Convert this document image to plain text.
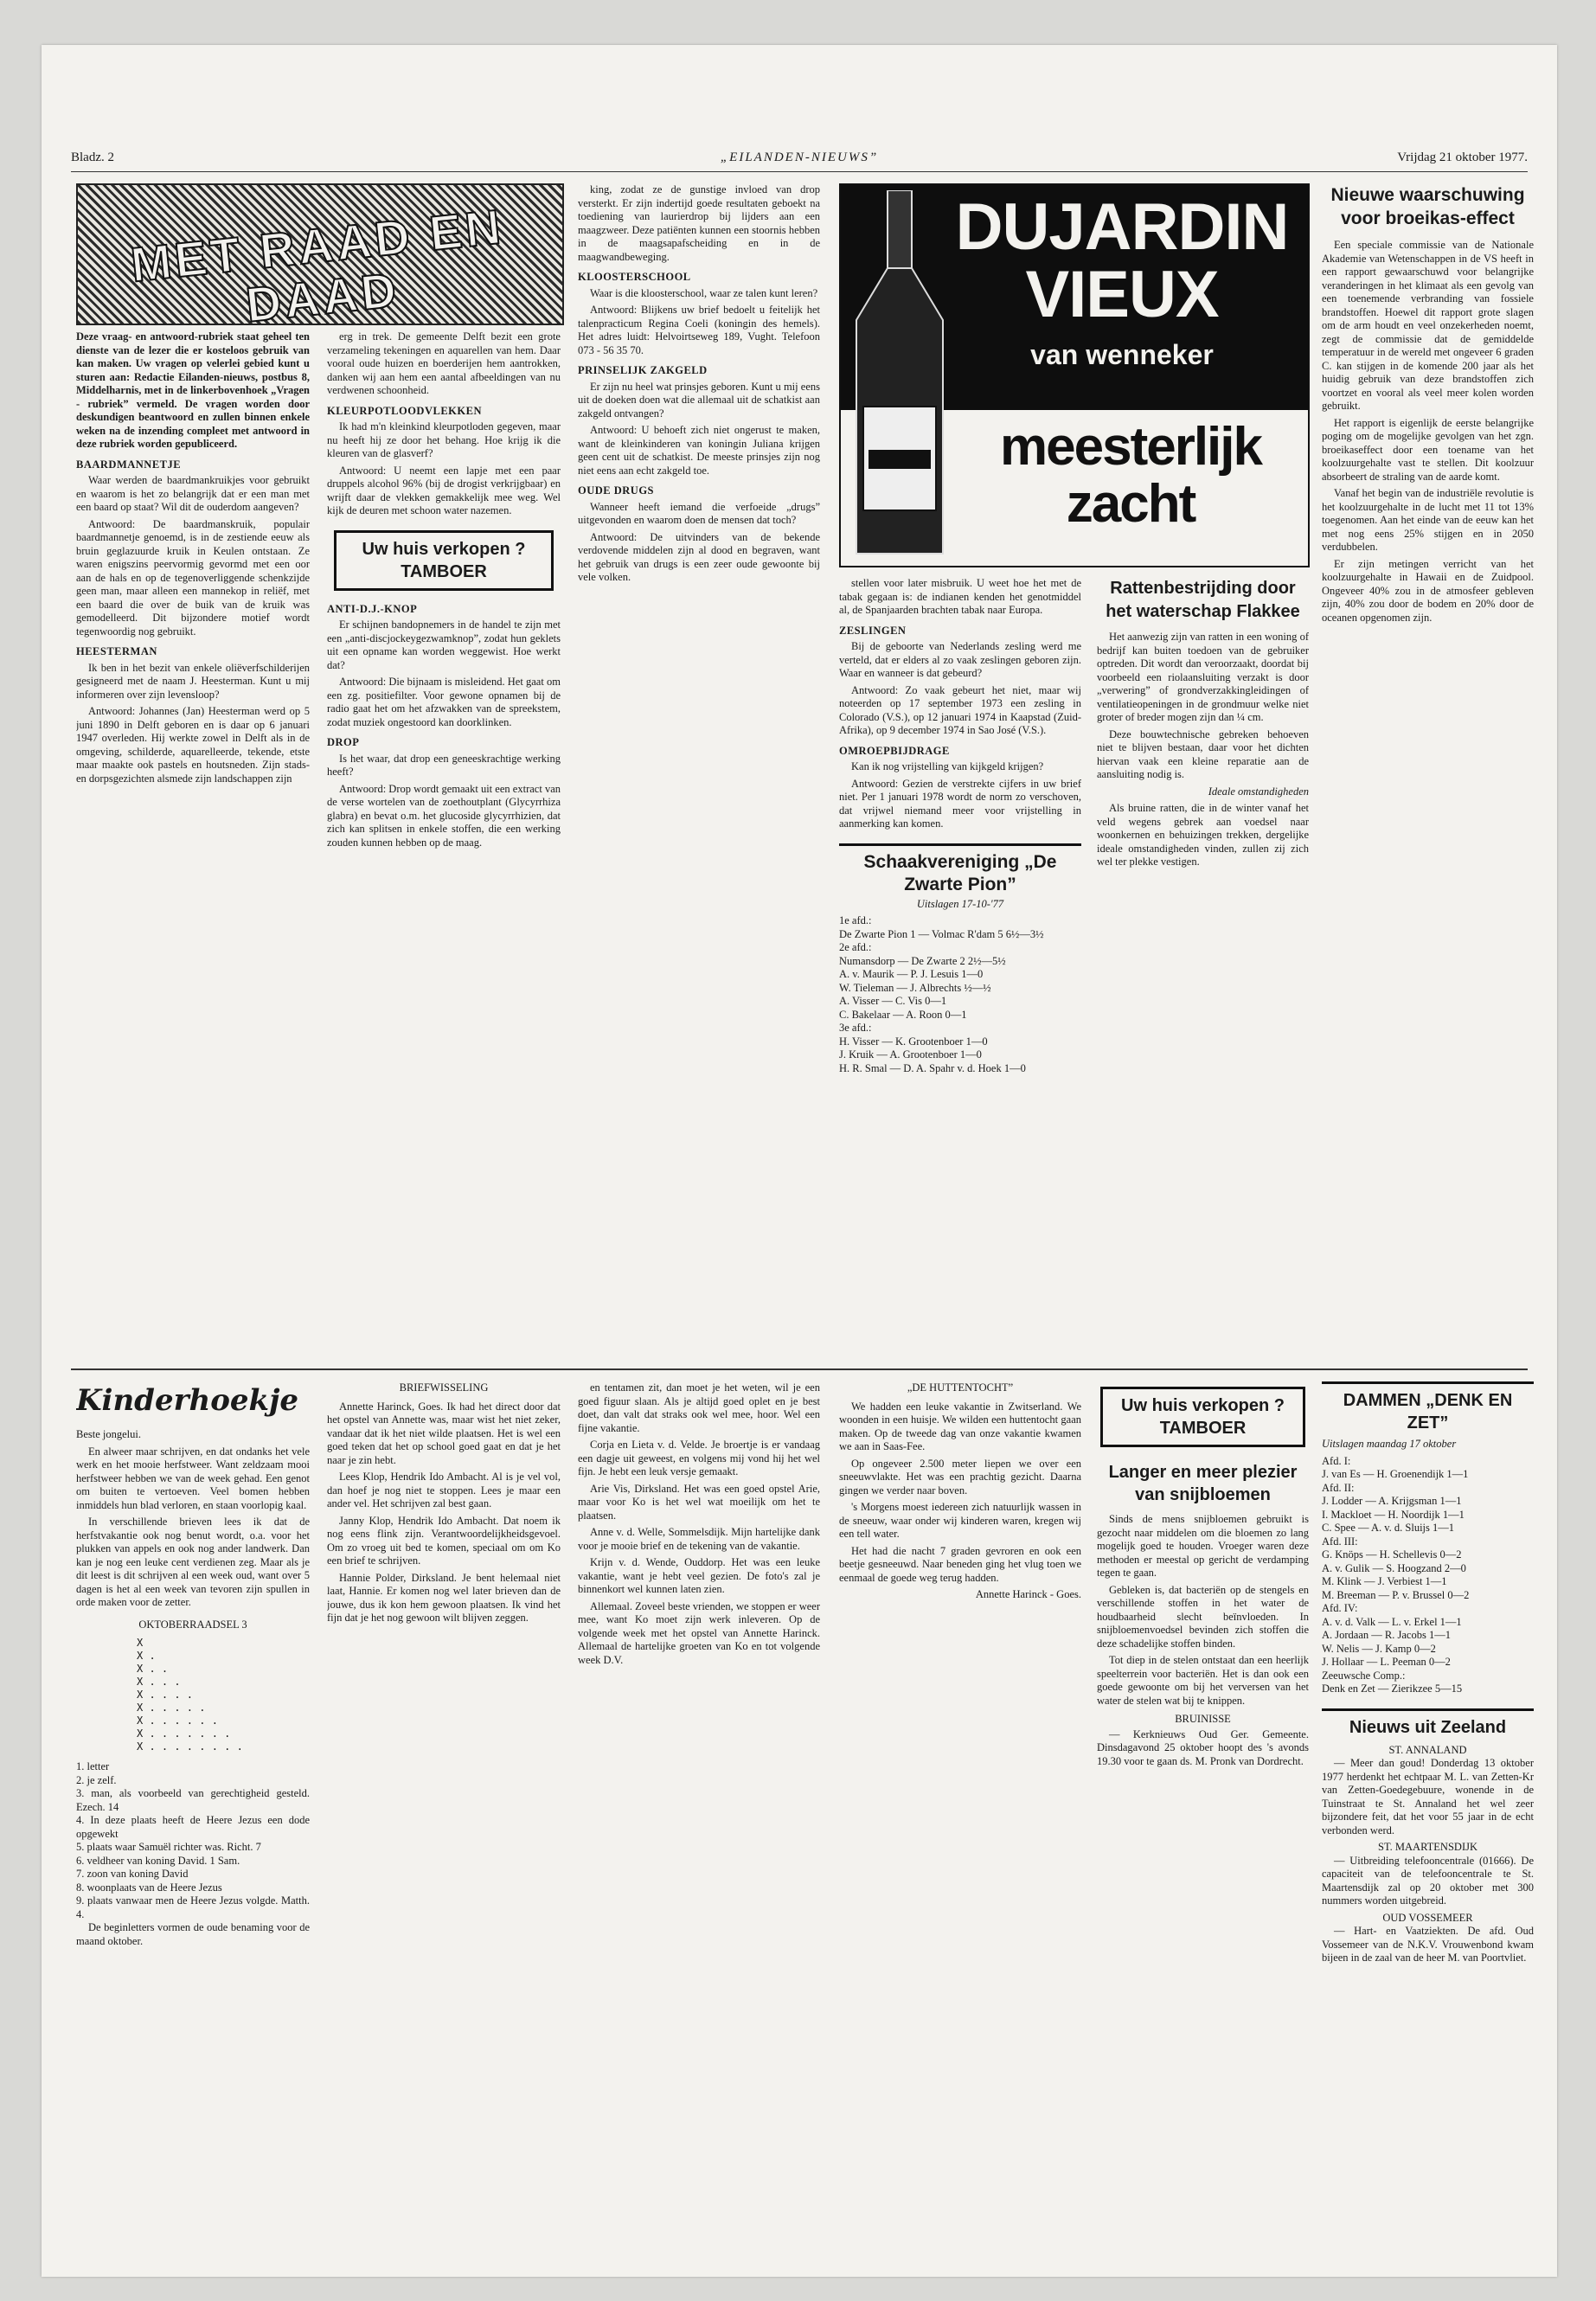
Bladz. 2	„EILANDEN-NIEUWS”	Vrijdag 21 oktober 1977.
MET RAAD EN DAAD

Deze vraag- en antwoord-rubriek staat geheel ten dienste van de lezer die er kosteloos gebruik van kan maken. Uw vragen op velerlei gebied kunt u sturen aan: Redactie Eilanden-nieuws, postbus 8, Middelharnis, met in de linkerbovenhoek „Vragen - rubriek” vermeld. De vragen worden door deskundigen beantwoord en zullen binnen enkele weken na de inzending compleet met antwoord in deze rubriek worden gepubliceerd.

BAARDMANNETJE

Waar werden de baardmankruikjes voor gebruikt en waarom is het zo belangrijk dat er een man met een baard op staat? Wil dit de ouderdom aangeven?

Antwoord: De baardmanskruik, populair baardmannetje genoemd, is in de zestiende eeuw als bruin geglazuurde kruik in Keulen ontstaan. Ze waren enigszins peervormig gevormd met een oor aan de hals en op de tegenoverliggende schenkzijde geen man, maar alleen een mannekop in reliëf, met een baard die over de buik van de kruik was gemodelleerd. Dit bijzondere motief wordt tegenwoordig nog gebruikt.

HEESTERMAN

Ik ben in het bezit van enkele oliëverfschilderijen gesigneerd met de naam J. Heesterman. Kunt u mij informeren over zijn levensloop?

Antwoord: Johannes (Jan) Heesterman werd op 5 juni 1890 in Delft geboren en is daar op 6 januari 1947 overleden. Hij werkte zowel in Delft als in de omgeving, schilderde, aquarelleerde, tekende, etste maar maakte ook pastels en houtsneden. Zijn stads- en dorpsgezichten alsmede zijn landschappen zijn

erg in trek. De gemeente Delft bezit een grote verzameling tekeningen en aquarellen van hem. Daar vooral oude huizen en boerderijen hem aantrokken, danken wij aan hem een aantal afbeeldingen van nu verdwenen schoonheid.

KLEURPOTLOODVLEKKEN

Ik had m'n kleinkind kleurpotloden gegeven, maar nu heeft hij ze door het behang. Hoe krijg ik die kleuren van de glasverf?

Antwoord: U neemt een lapje met een paar druppels alcohol 96% (bij de drogist verkrijgbaar) en wrijft daar de vlekken gemakkelijk mee weg. Wel kijk de deuren met schoon water nazemen.

Uw huis verkopen ? TAMBOER
ANTI-D.J.-KNOP

Er schijnen bandopnemers in de handel te zijn met een „anti-discjockeygezwamknop”, zodat hun geklets uit een opname kan worden weggewist. Hoe werkt dat?

Antwoord: Die bijnaam is misleidend. Het gaat om een zg. positiefilter. Voor gewone opnamen bij de radio gaat het om het afzwakken van de spreekstem, zodat muziek ongestoord kan doorklinken.

DROP

Is het waar, dat drop een geneeskrachtige werking heeft?

Antwoord: Drop wordt gemaakt uit een extract van de verse wortelen van de zoethoutplant (Glycyrrhiza glabra) en bevat o.m. het glucoside glycyrrhizien, dat zich kan splitsen in enkele stoffen, die een werking zouden kunnen hebben op de maag.

king, zodat ze de gunstige invloed van drop versterkt. Er zijn indertijd goede resultaten geboekt na toediening van laurierdrop bij lijders aan een maagzweer. Deze patiënten kunnen een stoornis hebben in de maagsapafscheiding en in de maagwandbeweging.

KLOOSTERSCHOOL

Waar is die kloosterschool, waar ze talen kunt leren?

Antwoord: Blijkens uw brief bedoelt u feitelijk het talenpracticum Regina Coeli (koningin des hemels). Het adres luidt: Helvoirtseweg 189, Vught. Telefoon 073 - 56 35 70.

PRINSELIJK ZAKGELD

Er zijn nu heel wat prinsjes geboren. Kunt u mij eens uit de doeken doen wat die allemaal uit de schatkist aan zakgeld ontvangen?

Antwoord: U behoeft zich niet ongerust te maken, want de kleinkinderen van koningin Juliana krijgen geen cent uit de schatkist. De meeste prinsjes zijn nog niet eens aan echt zakgeld toe.

OUDE DRUGS

Wanneer heeft iemand die verfoeide „drugs” uitgevonden en waarom doen de mensen dat toch?

Antwoord: De uitvinders van de bekende verdovende middelen zijn al dood en begraven, want het gebruik van drugs is een zeer oude gewoonte bij vele volken.

DUJARDIN
VIEUX
van wenneker
meesterlijk
zacht

stellen voor later misbruik. U weet hoe het met de tabak gegaan is: de indianen kenden het genotmiddel al, de Spanjaarden brachten tabak naar Europa.

ZESLINGEN

Bij de geboorte van Nederlands zesling werd me verteld, dat er elders al zo vaak zeslingen geboren zijn. Waar en wanneer is dat gebeurd?

Antwoord: Zo vaak gebeurt het niet, maar wij noteerden op 17 september 1973 een zesling in Colorado (V.S.), op 12 januari 1974 in Kaapstad (Zuid-Afrika), op 9 december 1974 in Sao José (V.S.).

OMROEPBIJDRAGE

Kan ik nog vrijstelling van kijkgeld krijgen?

Antwoord: Gezien de verstrekte cijfers in uw brief niet. Per 1 januari 1978 wordt de norm zo verschoven, dat vrijwel niemand meer voor vrijstelling in aanmerking kan komen.

Schaakvereniging „De Zwarte Pion”
Uitslagen 17-10-'77
1e afd.:
De Zwarte Pion 1 — Volmac R'dam 5 6½—3½
2e afd.:
Numansdorp — De Zwarte 2 2½—5½
A. v. Maurik — P. J. Lesuis 1—0
W. Tieleman — J. Albrechts ½—½
A. Visser — C. Vis 0—1
C. Bakelaar — A. Roon 0—1
3e afd.:
H. Visser — K. Grootenboer 1—0
J. Kruik — A. Grootenboer 1—0
H. R. Smal — D. A. Spahr v. d. Hoek 1—0
Rattenbestrijding door het waterschap Flakkee

Het aanwezig zijn van ratten in een woning of bedrijf kan buiten toedoen van de gebruiker optreden. Dit wordt dan veroorzaakt, doordat bij voorbeeld een riolaansluiting verzakt is door „verwering” of grondverzakkingleidingen of ventilatieopeningen in de grondmuur welke niet groter of breder mogen zijn dan ¼ cm.

Deze bouwtechnische gebreken behoeven niet te blijven bestaan, daar voor het dichten hiervan vaak een kleine reparatie aan de aansluiting nodig is.

Ideale omstandigheden

Als bruine ratten, die in de winter vanaf het veld wegens gebrek aan voedsel naar woonkernen en behuizingen trekken, dergelijke ideale omstandigheden vinden, zullen zij zich wel ter plekke vestigen.

Nieuwe waarschuwing voor broeikas-effect

Een speciale commissie van de Nationale Akademie van Wetenschappen in de VS heeft in een rapport gewaarschuwd voor belangrijke veranderingen in het klimaat als een gevolg van een toenemende verbranding van fossiele brandstoffen. Hoewel dit rapport grote slagen om de arm houdt en veel onzekerheden noemt, zegt de commissie dat de gemiddelde temperatuur in de wereld met ongeveer 6 graden C. kan stijgen in de komende 200 jaar als het huidig gebruik van deze brandstoffen zich voortzet en vooral als veel meer kolen worden gebruikt.

Het rapport is eigenlijk de eerste belangrijke poging om de mogelijke gevolgen van het zgn. broeikaseffect door een toename van het koolzuurgehalte vast te stellen. Dit koolzuur absorbeert de straling van de aarde komt.

Vanaf het begin van de industriële revolutie is het koolzuurgehalte in de lucht met 11 tot 13% toegenomen. Aan het einde van de eeuw kan het met nog eens 25% stijgen en in 2050 verdubbelen.

Er zijn metingen verricht van het koolzuurgehalte in Hawaii en de Zuidpool. Ongeveer 40% zou in de atmosfeer gebleven zijn, 40% zou door de bodem en 20% door de oceanen opgenomen zijn.

Kinderhoekje

Beste jongelui.

En alweer maar schrijven, en dat ondanks het vele werk en het mooie herfstweer. Want zeldzaam mooi herfstweer hebben we van de week gehad. Een genot om buiten te vertoeven. Veel bomen hebben inmiddels hun blad verloren, en staan voorlopig kaal.

In verschillende brieven lees ik dat de herfstvakantie ook nog benut wordt, o.a. voor het plukken van appels en ook nog ander landwerk. Dan kan je nog een leuke cent verdienen zeg. Maar als je dit leest is dit schrijven al een week oud, want over 5 dagen is het al een week van tevoren zijn spullen in orde maken voor de zetter.

OKTOBERRAADSEL 3
X
X .
X . .
X . . .
X . . . .
X . . . . .
X . . . . . .
X . . . . . . .
X . . . . . . . .
1. letter
2. je zelf.
3. man, als voorbeeld van gerechtigheid gesteld. Ezech. 14
4. In deze plaats heeft de Heere Jezus een dode opgewekt
5. plaats waar Samuël richter was. Richt. 7
6. veldheer van koning David. 1 Sam.
7. zoon van koning David
8. woonplaats van de Heere Jezus
9. plaats vanwaar men de Heere Jezus volgde. Matth. 4.

De beginletters vormen de oude benaming voor de maand oktober.

BRIEFWISSELING

Annette Harinck, Goes. Ik had het direct door dat het opstel van Annette was, maar wist het niet zeker, vandaar dat ik het niet wilde plaatsen. Het is wel een goed teken dat het op school goed gaat en dat je het naar je zin hebt.

Lees Klop, Hendrik Ido Ambacht. Al is je vel vol, dan hoef je nog niet te stoppen. Lees je maar een ander vel. Het schrijven zal best gaan.

Janny Klop, Hendrik Ido Ambacht. Dat noem ik nog eens flink zijn. Verantwoordelijkheidsgevoel. Om zo vroeg uit bed te komen, speciaal om om Ko een brief te schrijven.

Hannie Polder, Dirksland. Je bent helemaal niet laat, Hannie. Er komen nog wel later brieven dan de jouwe, dus ik kon hem gewoon plaatsen. Ik vind het fijn dat je het nog gewoon wilt blijven zeggen.

en tentamen zit, dan moet je het weten, wil je een goed figuur slaan. Als je altijd goed oplet en je best doet, dan valt dat straks ook wel mee, hoor. Wel een fijne vakantie.

Corja en Lieta v. d. Velde. Je broertje is er vandaag een dagje uit geweest, en volgens mij vond hij het wel fijn. Je hebt een leuk versje gemaakt.

Arie Vis, Dirksland. Het was een goed opstel Arie, maar voor Ko is het wel wat moeilijk om het te plaatsen.

Anne v. d. Welle, Sommelsdijk. Mijn hartelijke dank voor je mooie brief en de tekening van de vakantie.

Krijn v. d. Wende, Ouddorp. Het was een leuke vakantie, want je hebt veel gezien. De foto's zal je binnenkort wel kunnen laten zien.

Allemaal. Zoveel beste vrienden, we stoppen er weer mee, want Ko moet zijn werk inleveren. Op de volgende week met het opstel van Annette Harinck. Allemaal de hartelijke groeten van Ko en tot volgende week D.V.

„DE HUTTENTOCHT”

We hadden een leuke vakantie in Zwitserland. We woonden in een huisje. We wilden een huttentocht gaan maken. Op de tweede dag van onze vakantie kwamen we aan in Saas-Fee.

Op ongeveer 2.500 meter liepen we over een sneeuwvlakte. Het was een prachtig gezicht. Daarna gingen we verder naar boven.

's Morgens moest iedereen zich natuurlijk wassen in de sneeuw, waar onder wij kinderen waren, kregen wij een tell water.

Het had die nacht 7 graden gevroren en ook een beetje gesneeuwd. Naar beneden ging het vlug toen we eenmaal de goede weg terug hadden.

Annette Harinck - Goes.

Uw huis verkopen ? TAMBOER
Langer en meer plezier van snijbloemen

Sinds de mens snijbloemen gebruikt is gezocht naar middelen om die bloemen zo lang mogelijk goed te houden. Vroeger waren deze methoden er meestal op gericht de verdamping tegen te gaan.

Gebleken is, dat bacteriën op de stengels en verschillende stoffen in het water de houdbaarheid slecht beïnvloeden. In snijbloemenvoedsel bevinden zich stoffen die deze schadelijke stoffen binden.

Tot diep in de stelen ontstaat dan een heerlijk speelterrein voor bacteriën. Het is dan ook een goede gewoonte om bij het verversen van het water de stelen wat bij te knippen.

BRUINISSE

— Kerknieuws Oud Ger. Gemeente. Dinsdagavond 25 oktober hoopt des 's avonds 19.30 voor te gaan ds. M. Pronk van Dordrecht.

DAMMEN „DENK EN ZET”
Uitslagen maandag 17 oktober
Afd. I:
J. van Es — H. Groenendijk 1—1
Afd. II:
J. Lodder — A. Krijgsman 1—1
I. Mackloet — H. Noordijk 1—1
C. Spee — A. v. d. Sluijs 1—1
Afd. III:
G. Knöps — H. Schellevis 0—2
A. v. Gulik — S. Hoogzand 2—0
M. Klink — J. Verbiest 1—1
M. Breeman — P. v. Brussel 0—2
Afd. IV:
A. v. d. Valk — L. v. Erkel 1—1
A. Jordaan — R. Jacobs 1—1
W. Nelis — J. Kamp 0—2
J. Hollaar — L. Peeman 0—2
Zeeuwsche Comp.:
Denk en Zet — Zierikzee 5—15
Nieuws uit Zeeland
ST. ANNALAND

— Meer dan goud! Donderdag 13 oktober 1977 herdenkt het echtpaar M. L. van Zetten-Kr van Zetten-Goedegebuure, wonende in de Tuinstraat te St. Annaland het wel zeer bijzondere feit, dat het voor 55 jaar in de echt verbonden werd.

ST. MAARTENSDIJK

— Uitbreiding telefooncentrale (01666). De capaciteit van de telefooncentrale te St. Maartensdijk zal op 20 oktober met 300 nummers worden uitgebreid.

OUD VOSSEMEER

— Hart- en Vaatziekten. De afd. Oud Vossemeer van de N.K.V. Vrouwenbond kwam bijeen in de zaal van de heer M. van Poortvliet.
